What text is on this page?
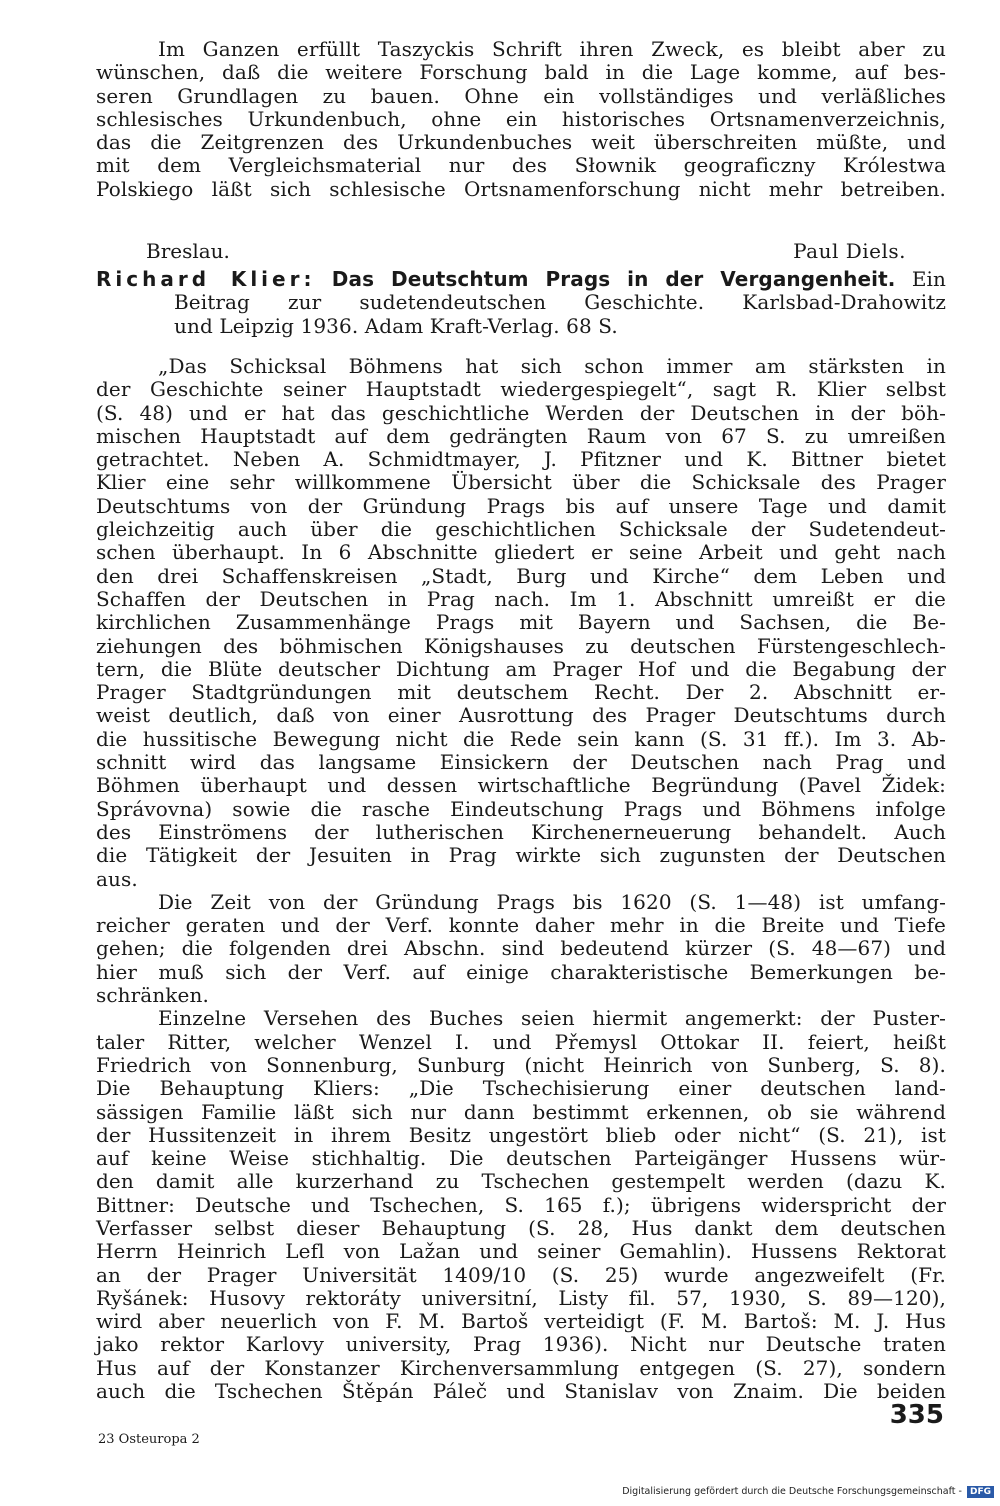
Im Ganzen erfüllt Taszyckis Schrift ihren Zweck, es bleibt aber zu
wünschen, daß die weitere Forschung bald in die Lage komme, auf bes-
seren Grundlagen zu bauen. Ohne ein vollständiges und verläßliches
schlesisches Urkundenbuch, ohne ein historisches Ortsnamenverzeichnis,
das die Zeitgrenzen des Urkundenbuches weit überschreiten müßte, und
mit dem Vergleichsmaterial nur des Słownik geograficzny Królestwa
Polskiego läßt sich schlesische Ortsnamenforschung nicht mehr betreiben.
Breslau.	Paul Diels.
Richard Klier: Das Deutschtum Prags in der Vergangenheit. Ein
Beitrag zur sudetendeutschen Geschichte. Karlsbad-Drahowitz
und Leipzig 1936. Adam Kraft-Verlag. 68 S.
„Das Schicksal Böhmens hat sich schon immer am stärksten in
der Geschichte seiner Hauptstadt wiedergespiegelt“, sagt R. Klier selbst
(S. 48) und er hat das geschichtliche Werden der Deutschen in der böh-
mischen Hauptstadt auf dem gedrängten Raum von 67 S. zu umreißen
getrachtet. Neben A. Schmidtmayer, J. Pfitzner und K. Bittner bietet
Klier eine sehr willkommene Übersicht über die Schicksale des Prager
Deutschtums von der Gründung Prags bis auf unsere Tage und damit
gleichzeitig auch über die geschichtlichen Schicksale der Sudetendeut-
schen überhaupt. In 6 Abschnitte gliedert er seine Arbeit und geht nach
den drei Schaffenskreisen „Stadt, Burg und Kirche“ dem Leben und
Schaffen der Deutschen in Prag nach. Im 1. Abschnitt umreißt er die
kirchlichen Zusammenhänge Prags mit Bayern und Sachsen, die Be-
ziehungen des böhmischen Königshauses zu deutschen Fürstengeschlech-
tern, die Blüte deutscher Dichtung am Prager Hof und die Begabung der
Prager Stadtgründungen mit deutschem Recht. Der 2. Abschnitt er-
weist deutlich, daß von einer Ausrottung des Prager Deutschtums durch
die hussitische Bewegung nicht die Rede sein kann (S. 31 ff.). Im 3. Ab-
schnitt wird das langsame Einsickern der Deutschen nach Prag und
Böhmen überhaupt und dessen wirtschaftliche Begründung (Pavel Židek:
Správovna) sowie die rasche Eindeutschung Prags und Böhmens infolge
des Einströmens der lutherischen Kirchenerneuerung behandelt. Auch
die Tätigkeit der Jesuiten in Prag wirkte sich zugunsten der Deutschen
aus.
Die Zeit von der Gründung Prags bis 1620 (S. 1—48) ist umfang-
reicher geraten und der Verf. konnte daher mehr in die Breite und Tiefe
gehen; die folgenden drei Abschn. sind bedeutend kürzer (S. 48—67) und
hier muß sich der Verf. auf einige charakteristische Bemerkungen be-
schränken.
Einzelne Versehen des Buches seien hiermit angemerkt: der Puster-
taler Ritter, welcher Wenzel I. und Přemysl Ottokar II. feiert, heißt
Friedrich von Sonnenburg, Sunburg (nicht Heinrich von Sunberg, S. 8).
Die Behauptung Kliers: „Die Tschechisierung einer deutschen land-
sässigen Familie läßt sich nur dann bestimmt erkennen, ob sie während
der Hussitenzeit in ihrem Besitz ungestört blieb oder nicht“ (S. 21), ist
auf keine Weise stichhaltig. Die deutschen Parteigänger Hussens wür-
den damit alle kurzerhand zu Tschechen gestempelt werden (dazu K.
Bittner: Deutsche und Tschechen, S. 165 f.); übrigens widerspricht der
Verfasser selbst dieser Behauptung (S. 28, Hus dankt dem deutschen
Herrn Heinrich Lefl von Lažan und seiner Gemahlin). Hussens Rektorat
an der Prager Universität 1409/10 (S. 25) wurde angezweifelt (Fr.
Ryšánek: Husovy rektoráty universitní, Listy fil. 57, 1930, S. 89—120),
wird aber neuerlich von F. M. Bartoš verteidigt (F. M. Bartoš: M. J. Hus
jako rektor Karlovy university, Prag 1936). Nicht nur Deutsche traten
Hus auf der Konstanzer Kirchenversammlung entgegen (S. 27), sondern
auch die Tschechen Štěpán Páleč und Stanislav von Znaim. Die beiden
335
23 Osteuropa 2
Digitalisierung gefördert durch die Deutsche Forschungsgemeinschaft - DFG
